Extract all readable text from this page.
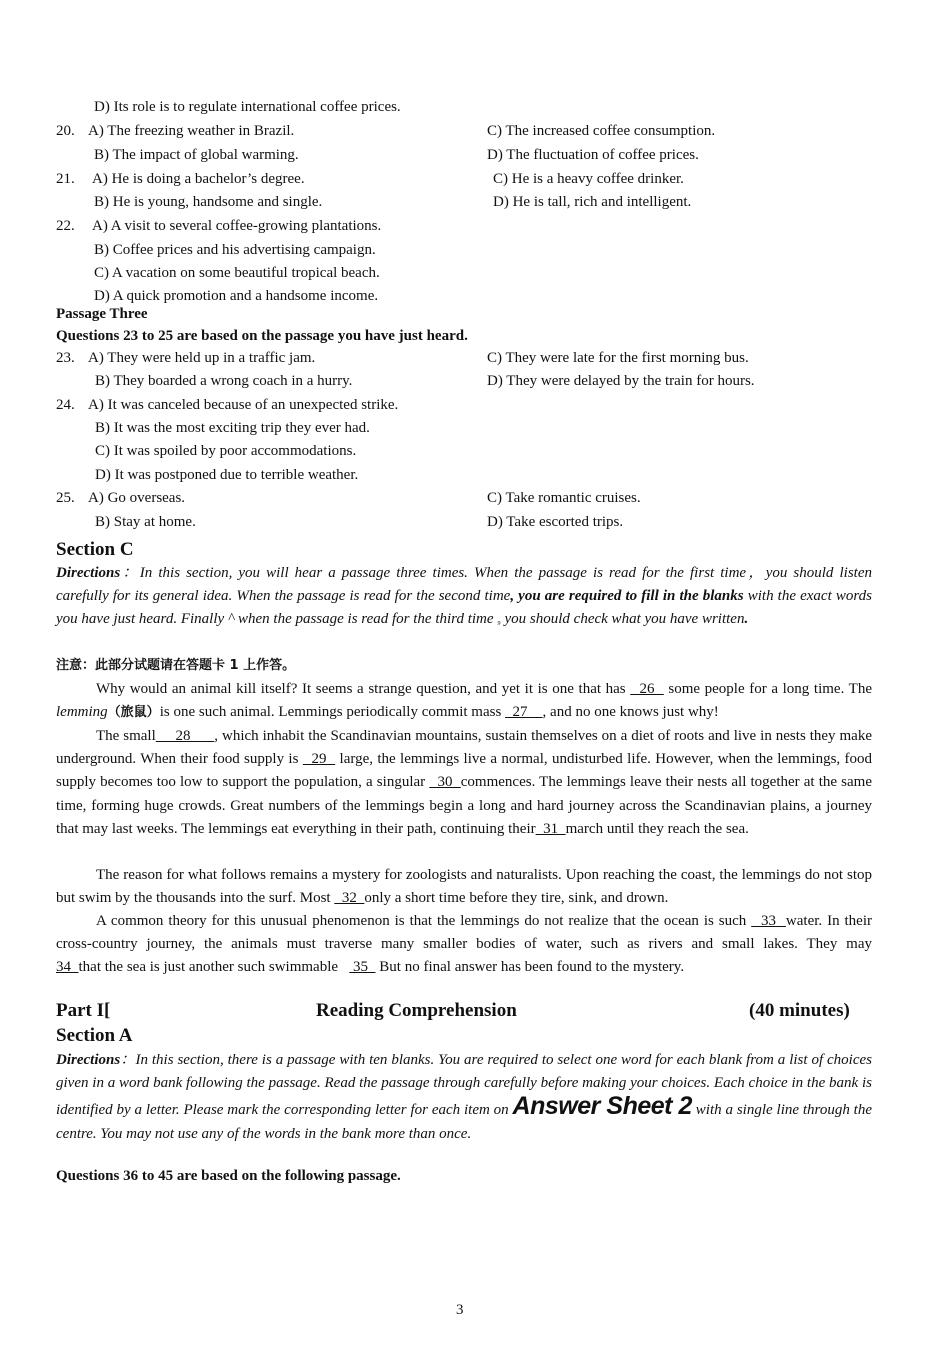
D) Its role is to regulate international coffee prices.
20. A) The freezing weather in Brazil.	C) The increased coffee consumption.
B) The impact of global warming.	D) The fluctuation of coffee prices.
21. A) He is doing a bachelor’s degree.	C) He is a heavy coffee drinker.
B) He is young, handsome and single.	D) He is tall, rich and intelligent.
22. A) A visit to several coffee-growing plantations.
B) Coffee prices and his advertising campaign.
C) A vacation on some beautiful tropical beach.
D) A quick promotion and a handsome income.
Passage Three
Questions 23 to 25 are based on the passage you have just heard.
23. A) They were held up in a traffic jam.	C) They were late for the first morning bus.
B) They boarded a wrong coach in a hurry.	D) They were delayed by the train for hours.
24. A) It was canceled because of an unexpected strike.
B) It was the most exciting trip they ever had.
C) It was spoiled by poor accommodations.
D) It was postponed due to terrible weather.
25. A) Go overseas.	C) Take romantic cruises.
B) Stay at home.	D) Take escorted trips.
Section C
Directions：In this section, you will hear a passage three times. When the passage is read for the first time，you should listen carefully for its general idea. When the passage is read for the second time, you are required to fill in the blanks with the exact words you have just heard. Finally ^ when the passage is read for the third time ₉ you should check what you have written.
注意：此部分试题请在答题卡 1 上作答。
Why would an animal kill itself? It seems a strange question, and yet it is one that has   26   some people for a long time. The lemming（旅鼠）is one such animal. Lemmings periodically commit mass   27    , and no one knows just why!
The small     28      , which inhabit the Scandinavian mountains, sustain themselves on a diet of roots and live in nests they make underground. When their food supply is   29   large, the lemmings live a normal, undisturbed life. However, when the lemmings, food supply becomes too low to support the population, a singular   30  commences. The lemmings leave their nests all together at the same time, forming huge crowds. Great numbers of the lemmings begin a long and hard journey across the Scandinavian plains, a journey that may last weeks. The lemmings eat everything in their path, continuing their  31  march until they reach the sea.
The reason for what follows remains a mystery for zoologists and naturalists. Upon reaching the coast, the lemmings do not stop but swim by the thousands into the surf. Most   32  only a short time before they tire, sink, and drown.
A common theory for this unusual phenomenon is that the lemmings do not realize that the ocean is such   33  water. In their cross-country journey, the animals must traverse many smaller bodies of water, such as rivers and small lakes. They may 34  that the sea is just another such swimmable    35   But no final answer has been found to the mystery.
Part I[	Reading Comprehension	(40 minutes)
Section A
Directions：In this section, there is a passage with ten blanks. You are required to select one word for each blank from a list of choices given in a word bank following the passage. Read the passage through carefully before making your choices. Each choice in the bank is identified by a letter. Please mark the corresponding letter for each item on Answer Sheet 2 with a single line through the centre. You may not use any of the words in the bank more than once.
Questions 36 to 45 are based on the following passage.
3
